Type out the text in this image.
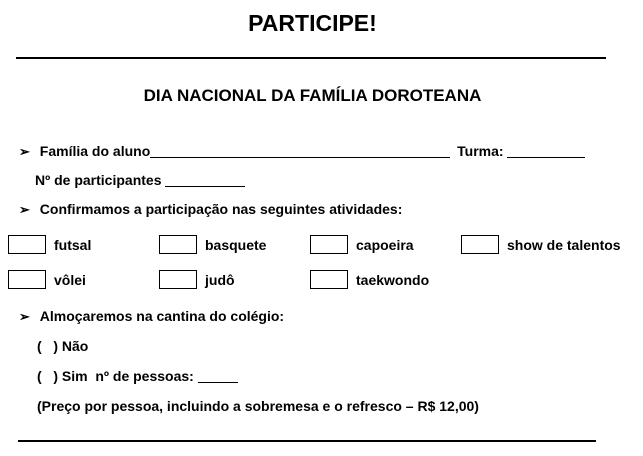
PARTICIPE!
DIA NACIONAL DA FAMÍLIA DOROTEANA
➢ Família do aluno	Turma:
Nº de participantes
➢ Confirmamos a participação nas seguintes atividades:
futsal	basquete	capoeira	show de talentos
vôlei	judô	taekwondo
➢ Almoçaremos na cantina do colégio:
(   ) Não
(   ) Sim  nº de pessoas:
(Preço por pessoa, incluindo a sobremesa e o refresco – R$ 12,00)
